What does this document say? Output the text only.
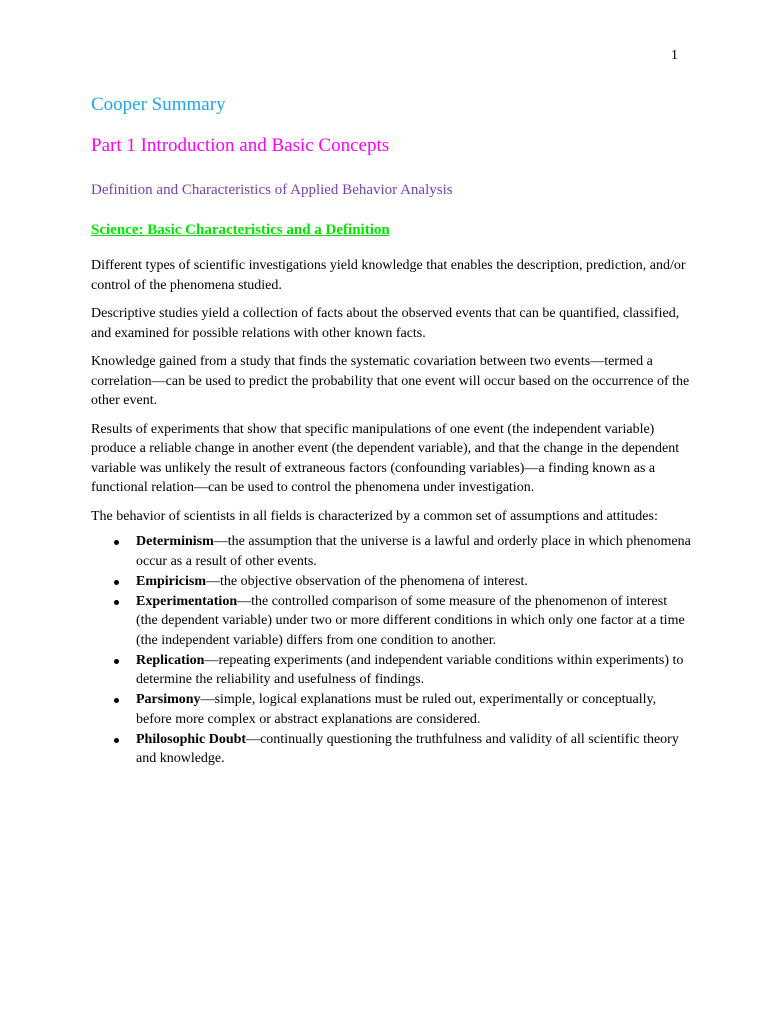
1
Cooper Summary
Part 1 Introduction and Basic Concepts
Definition and Characteristics of Applied Behavior Analysis
Science: Basic Characteristics and a Definition

Different types of scientific investigations yield knowledge that enables the description, prediction, and/or control of the phenomena studied.

Descriptive studies yield a collection of facts about the observed events that can be quantified, classified, and examined for possible relations with other known facts.

Knowledge gained from a study that finds the systematic covariation between two events—termed a correlation—can be used to predict the probability that one event will occur based on the occurrence of the other event.

Results of experiments that show that specific manipulations of one event (the independent variable) produce a reliable change in another event (the dependent variable), and that the change in the dependent variable was unlikely the result of extraneous factors (confounding variables)—a finding known as a functional relation—can be used to control the phenomena under investigation.

The behavior of scientists in all fields is characterized by a common set of assumptions and attitudes:

Determinism—the assumption that the universe is a lawful and orderly place in which phenomena occur as a result of other events.
Empiricism—the objective observation of the phenomena of interest.
Experimentation—the controlled comparison of some measure of the phenomenon of interest (the dependent variable) under two or more different conditions in which only one factor at a time (the independent variable) differs from one condition to another.
Replication—repeating experiments (and independent variable conditions within experiments) to determine the reliability and usefulness of findings.
Parsimony—simple, logical explanations must be ruled out, experimentally or conceptually, before more complex or abstract explanations are considered.
Philosophic Doubt—continually questioning the truthfulness and validity of all scientific theory and knowledge.
